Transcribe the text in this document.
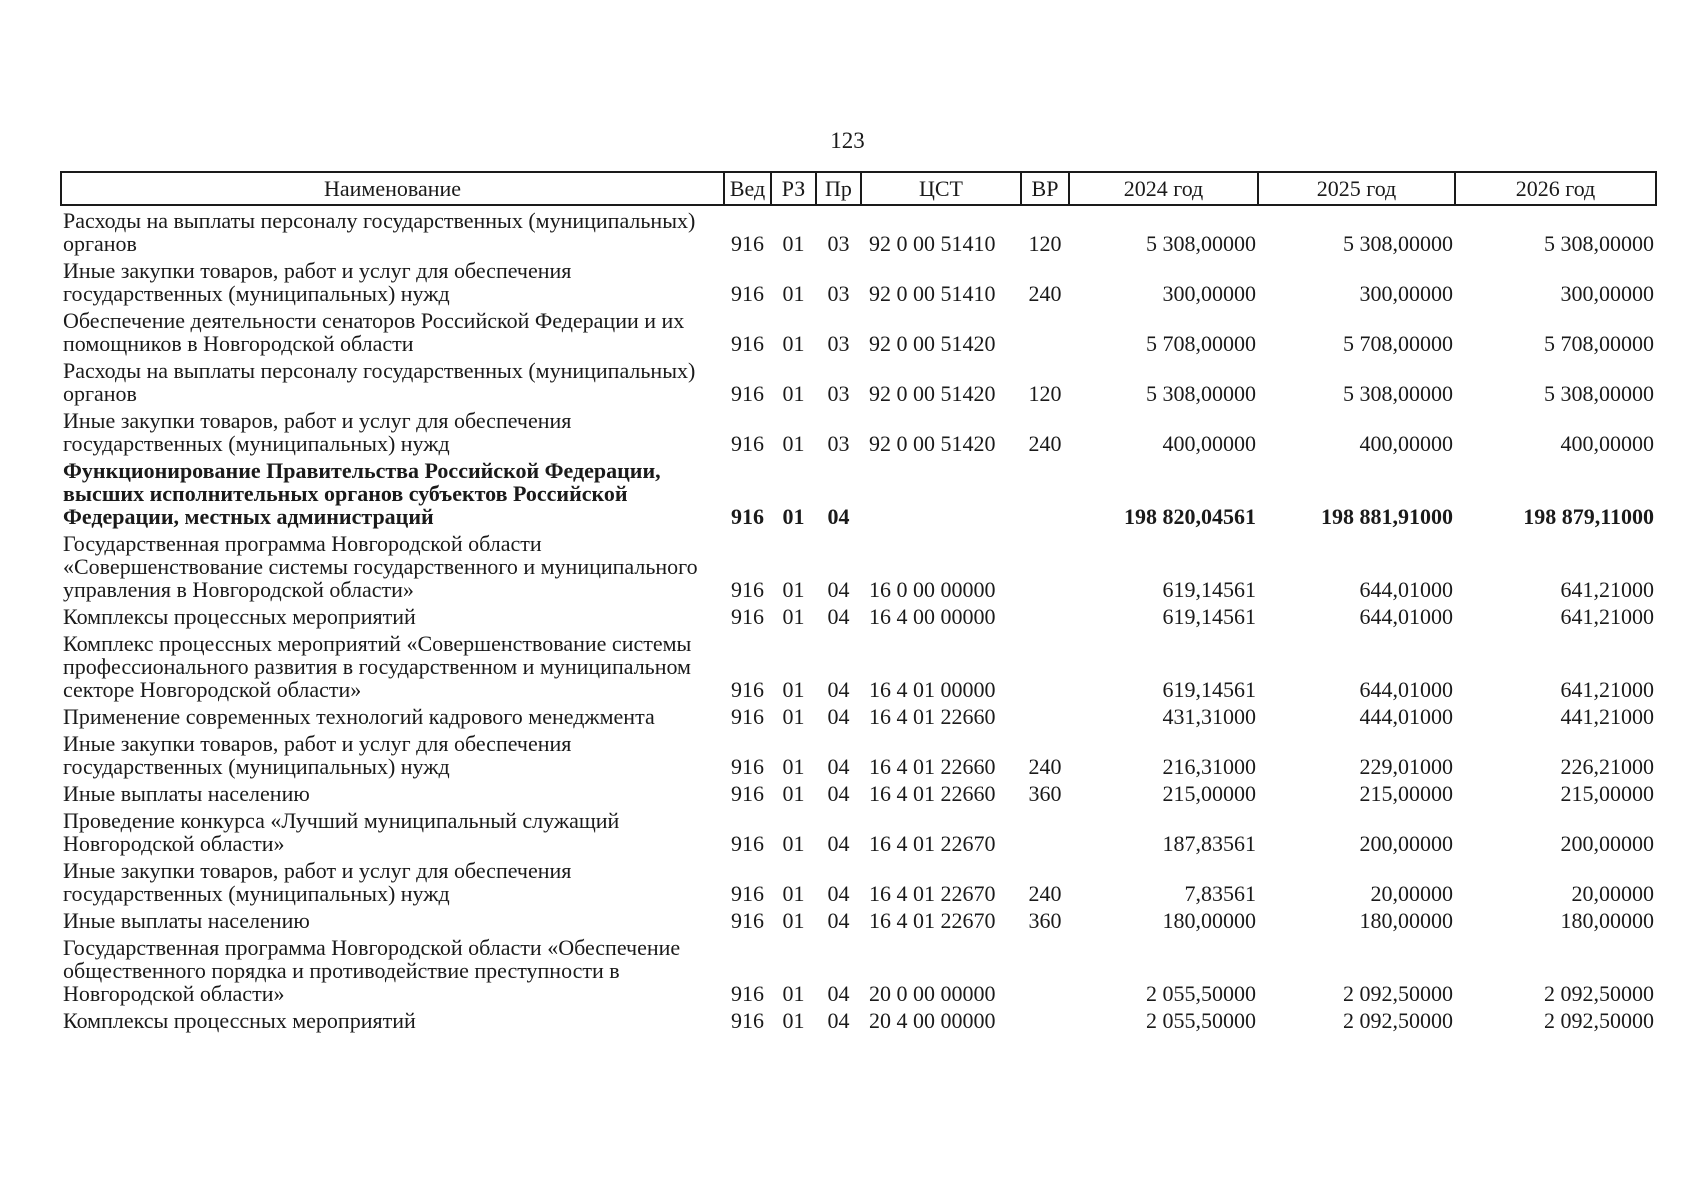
123
Наименование	Вед	РЗ	Пр	ЦСТ	ВР	2024 год	2025 год	2026 год
Расходы на выплаты персоналу государственных (муниципальных) органов	916	01	03	92 0 00 51410	120	5 308,00000	5 308,00000	5 308,00000
Иные закупки товаров, работ и услуг для обеспечения государственных (муниципальных) нужд	916	01	03	92 0 00 51410	240	300,00000	300,00000	300,00000
Обеспечение деятельности сенаторов Российской Федерации и их помощников в Новгородской области	916	01	03	92 0 00 51420		5 708,00000	5 708,00000	5 708,00000
Расходы на выплаты персоналу государственных (муниципальных) органов	916	01	03	92 0 00 51420	120	5 308,00000	5 308,00000	5 308,00000
Иные закупки товаров, работ и услуг для обеспечения государственных (муниципальных) нужд	916	01	03	92 0 00 51420	240	400,00000	400,00000	400,00000
Функционирование Правительства Российской Федерации, высших исполнительных органов субъектов Российской Федерации, местных администраций	916	01	04			198 820,04561	198 881,91000	198 879,11000
Государственная программа Новгородской области «Совершенствование системы государственного и муниципального управления в Новгородской области»	916	01	04	16 0 00 00000		619,14561	644,01000	641,21000
Комплексы процессных мероприятий	916	01	04	16 4 00 00000		619,14561	644,01000	641,21000
Комплекс процессных мероприятий «Совершенствование системы профессионального развития в государственном и муниципальном секторе Новгородской области»	916	01	04	16 4 01 00000		619,14561	644,01000	641,21000
Применение современных технологий кадрового менеджмента	916	01	04	16 4 01 22660		431,31000	444,01000	441,21000
Иные закупки товаров, работ и услуг для обеспечения государственных (муниципальных) нужд	916	01	04	16 4 01 22660	240	216,31000	229,01000	226,21000
Иные выплаты населению	916	01	04	16 4 01 22660	360	215,00000	215,00000	215,00000
Проведение конкурса «Лучший муниципальный служащий Новгородской области»	916	01	04	16 4 01 22670		187,83561	200,00000	200,00000
Иные закупки товаров, работ и услуг для обеспечения государственных (муниципальных) нужд	916	01	04	16 4 01 22670	240	7,83561	20,00000	20,00000
Иные выплаты населению	916	01	04	16 4 01 22670	360	180,00000	180,00000	180,00000
Государственная программа Новгородской области «Обеспечение общественного порядка и противодействие преступности в Новгородской области»	916	01	04	20 0 00 00000		2 055,50000	2 092,50000	2 092,50000
Комплексы процессных мероприятий	916	01	04	20 4 00 00000		2 055,50000	2 092,50000	2 092,50000
